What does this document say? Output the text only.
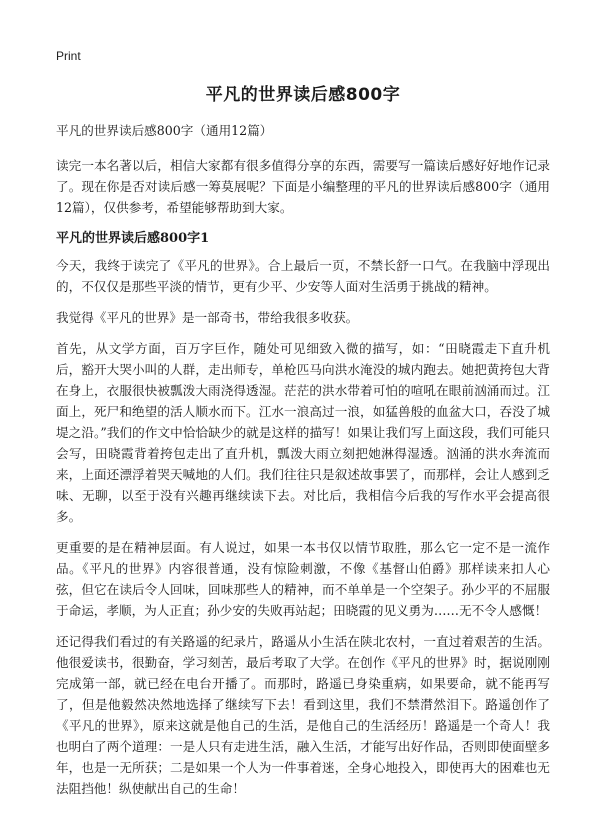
Print
平凡的世界读后感800字

平凡的世界读后感800字（通用12篇）

读完一本名著以后，相信大家都有很多值得分享的东西，需要写一篇读后感好好地作记录了。现在你是否对读后感一筹莫展呢？下面是小编整理的平凡的世界读后感800字（通用12篇），仅供参考，希望能够帮助到大家。

平凡的世界读后感800字1

今天，我终于读完了《平凡的世界》。合上最后一页，不禁长舒一口气。在我脑中浮现出的，不仅仅是那些平淡的情节，更有少平、少安等人面对生活勇于挑战的精神。

我觉得《平凡的世界》是一部奇书，带给我很多收获。

首先，从文学方面，百万字巨作，随处可见细致入微的描写，如：“田晓霞走下直升机后，豁开大哭小叫的人群，走出师专，单枪匹马向洪水淹没的城内跑去。她把黄挎包大背在身上，衣服很快被瓢泼大雨浇得透湿。茫茫的洪水带着可怕的喧吼在眼前汹涌而过。江面上，死尸和绝望的活人顺水而下。江水一浪高过一浪，如猛兽般的血盆大口，吞没了城堤之沿。”我们的作文中恰恰缺少的就是这样的描写！如果让我们写上面这段，我们可能只会写，田晓霞背着挎包走出了直升机，瓢泼大雨立刻把她淋得湿透。汹涌的洪水奔流而来，上面还漂浮着哭天喊地的人们。我们往往只是叙述故事罢了，而那样，会让人感到乏味、无聊，以至于没有兴趣再继续读下去。对比后，我相信今后我的写作水平会提高很多。

更重要的是在精神层面。有人说过，如果一本书仅以情节取胜，那么它一定不是一流作品。《平凡的世界》内容很普通，没有惊险刺激，不像《基督山伯爵》那样读来扣人心弦，但它在读后令人回味，回味那些人的精神，而不单单是一个空架子。孙少平的不屈服于命运，孝顺，为人正直；孙少安的失败再站起；田晓霞的见义勇为……无不令人感慨！

还记得我们看过的有关路遥的纪录片，路遥从小生活在陕北农村，一直过着艰苦的生活。他很爱读书，很勤奋，学习刻苦，最后考取了大学。在创作《平凡的世界》时，据说刚刚完成第一部，就已经在电台开播了。而那时，路遥已身染重病，如果要命，就不能再写了，但是他毅然决然地选择了继续写下去！看到这里，我们不禁潸然泪下。路遥创作了《平凡的世界》，原来这就是他自己的生活，是他自己的生活经历！路遥是一个奇人！我也明白了两个道理：一是人只有走进生活，融入生活，才能写出好作品，否则即使面壁多年，也是一无所获；二是如果一个人为一件事着迷，全身心地投入，即使再大的困难也无法阻挡他！纵使献出自己的生命！
